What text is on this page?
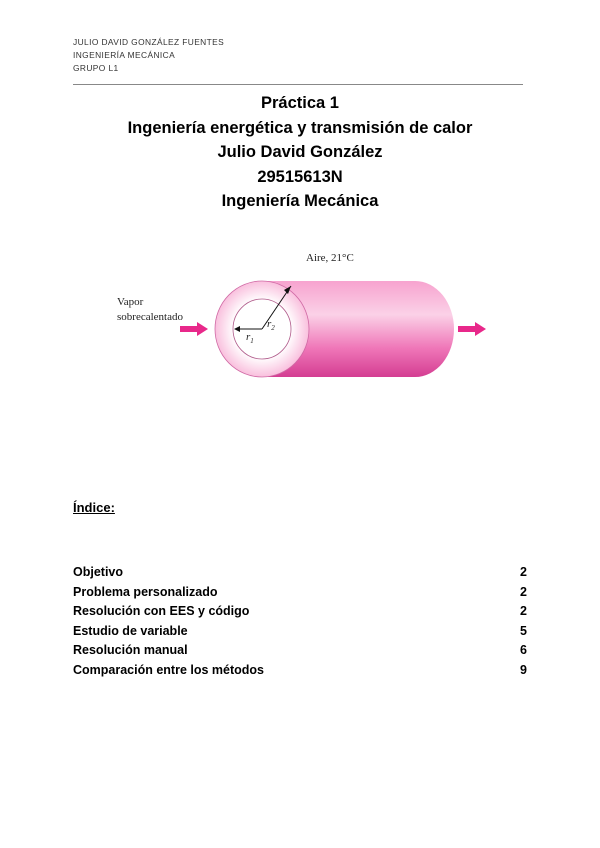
JULIO DAVID GONZÁLEZ FUENTES
INGENIERÍA MECÁNICA
GRUPO L1
Práctica 1
Ingeniería energética y transmisión de calor
Julio David González
29515613N
Ingeniería Mecánica
Aire, 21°C
Vapor
sobrecalentado
$r_2$
$r_1$
Índice:
Objetivo	2
Problema personalizado	2
Resolución con EES y código	2
Estudio de variable	5
Resolución manual	6
Comparación entre los métodos	9
